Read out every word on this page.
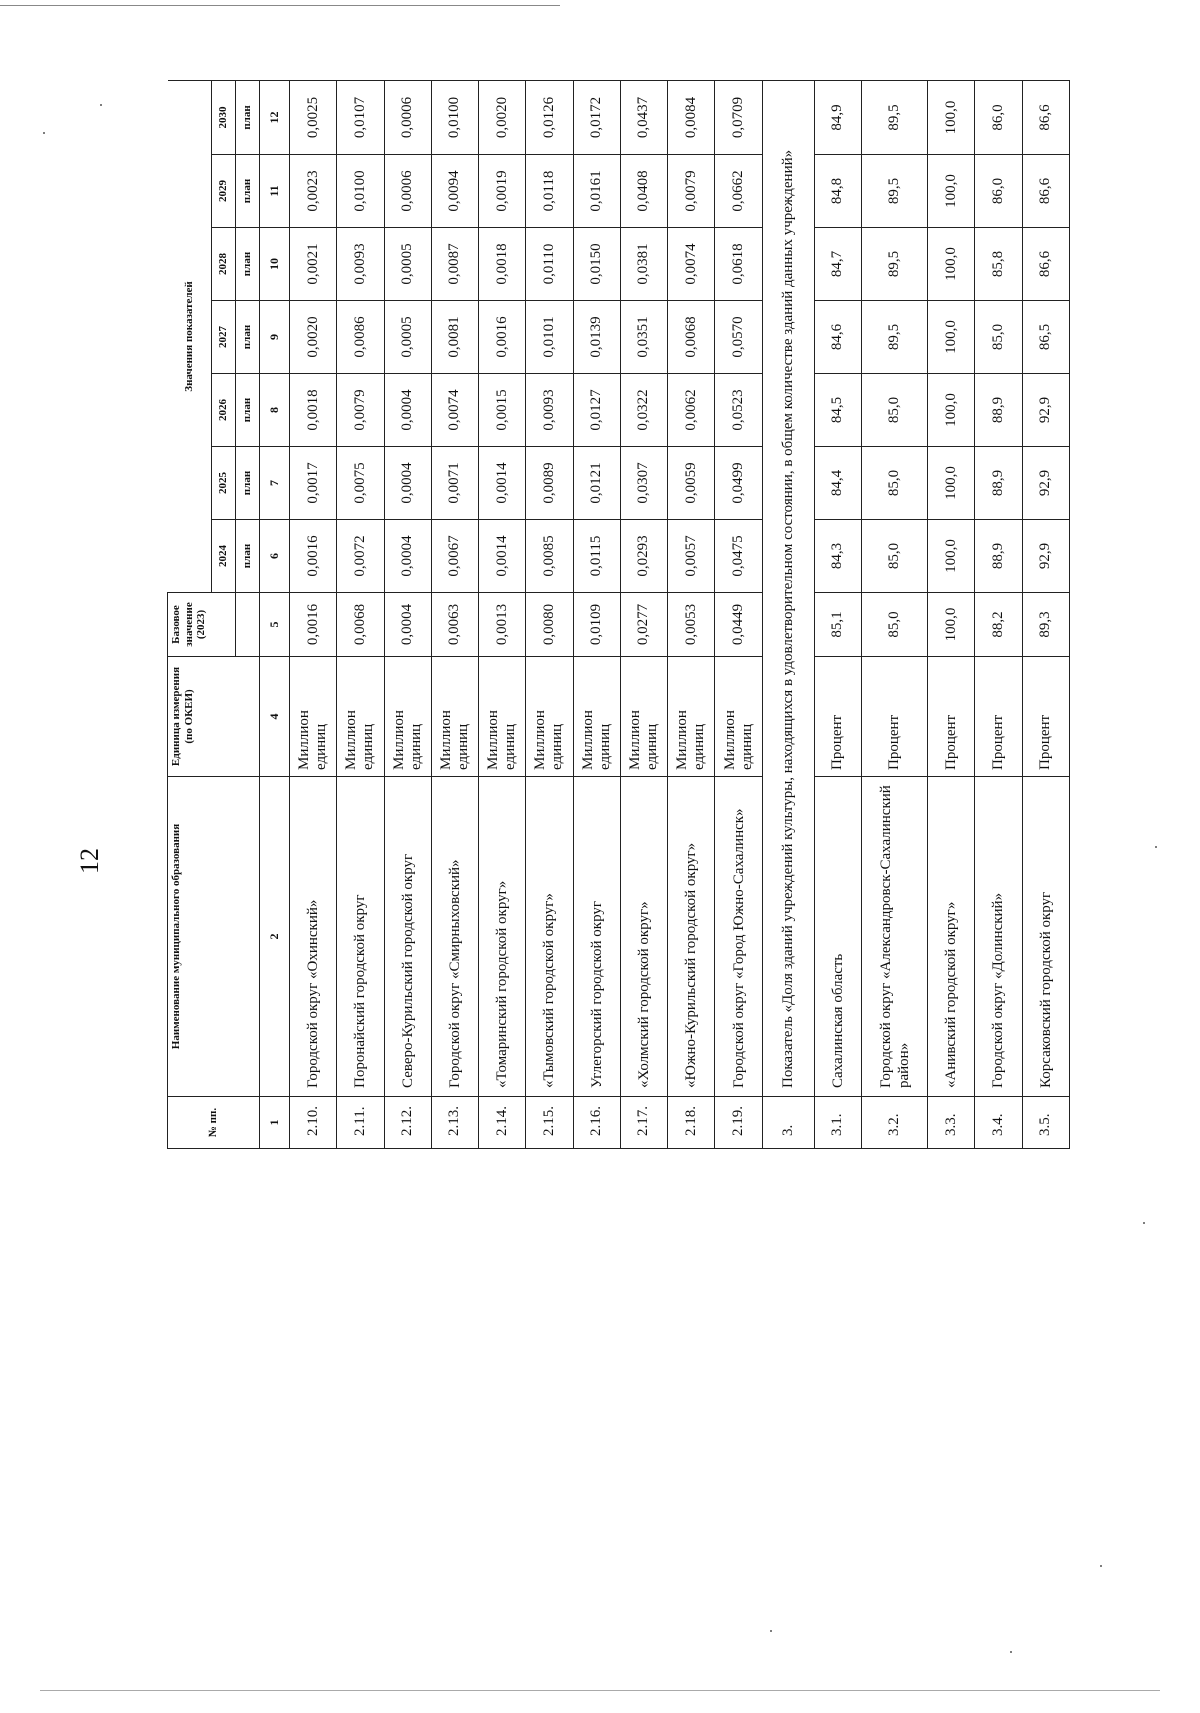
12
№ пп.	Наименование муниципального образования	Единица измерения (по ОКЕИ)	Базовое значение (2023)	Значения показателей						
				2024	2025	2026	2027	2028	2029	2030
				план	план	план	план	план	план	план
1	2	4	5	6	7	8	9	10	11	12
2.10.	Городской округ «Охинский»	Миллион единиц	0,0016	0,0016	0,0017	0,0018	0,0020	0,0021	0,0023	0,0025
2.11.	Поронайский городской округ	Миллион единиц	0,0068	0,0072	0,0075	0,0079	0,0086	0,0093	0,0100	0,0107
2.12.	Северо-Курильский городской округ	Миллион единиц	0,0004	0,0004	0,0004	0,0004	0,0005	0,0005	0,0006	0,0006
2.13.	Городской округ «Смирныховский»	Миллион единиц	0,0063	0,0067	0,0071	0,0074	0,0081	0,0087	0,0094	0,0100
2.14.	«Томаринский городской округ»	Миллион единиц	0,0013	0,0014	0,0014	0,0015	0,0016	0,0018	0,0019	0,0020
2.15.	«Тымовский городской округ»	Миллион единиц	0,0080	0,0085	0,0089	0,0093	0,0101	0,0110	0,0118	0,0126
2.16.	Углегорский городской округ	Миллион единиц	0,0109	0,0115	0,0121	0,0127	0,0139	0,0150	0,0161	0,0172
2.17.	«Холмский городской округ»	Миллион единиц	0,0277	0,0293	0,0307	0,0322	0,0351	0,0381	0,0408	0,0437
2.18.	«Южно-Курильский городской округ»	Миллион единиц	0,0053	0,0057	0,0059	0,0062	0,0068	0,0074	0,0079	0,0084
2.19.	Городской округ «Город Южно-Сахалинск»	Миллион единиц	0,0449	0,0475	0,0499	0,0523	0,0570	0,0618	0,0662	0,0709
3.	Показатель «Доля зданий учреждений культуры, находящихся в удовлетворительном состоянии, в общем количестве зданий данных учреждений»									
3.1.	Сахалинская область	Процент	85,1	84,3	84,4	84,5	84,6	84,7	84,8	84,9
3.2.	Городской округ «Александровск-Сахалинский район»	Процент	85,0	85,0	85,0	85,0	89,5	89,5	89,5	89,5
3.3.	«Анивский городской округ»	Процент	100,0	100,0	100,0	100,0	100,0	100,0	100,0	100,0
3.4.	Городской округ «Долинский»	Процент	88,2	88,9	88,9	88,9	85,0	85,8	86,0	86,0
3.5.	Корсаковский городской округ	Процент	89,3	92,9	92,9	92,9	86,5	86,6	86,6	86,6
